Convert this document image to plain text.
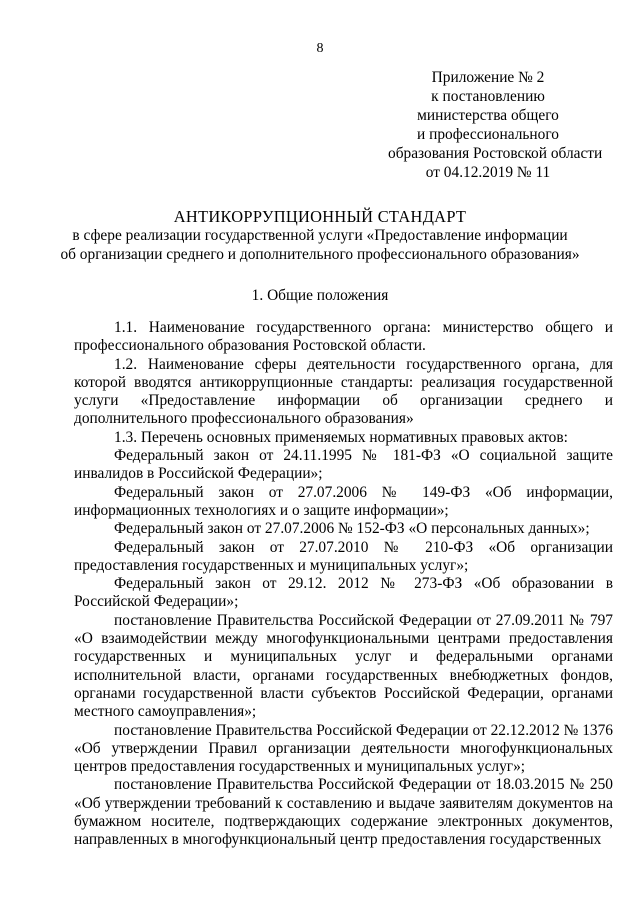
8
Приложение № 2
к постановлению
министерства общего
и профессионального
образования Ростовской области
от 04.12.2019 № 11
АНТИКОРРУПЦИОННЫЙ СТАНДАРТ
в сфере реализации государственной услуги «Предоставление информации
об организации среднего и дополнительного профессионального образования»
1. Общие положения

1.1. Наименование государственного органа: министерство общего и профессионального образования Ростовской области.

1.2. Наименование сферы деятельности государственного органа, для которой вводятся антикоррупционные стандарты: реализация государственной услуги «Предоставление информации об организации среднего и дополнительного профессионального образования»

1.3. Перечень основных применяемых нормативных правовых актов:

Федеральный закон от 24.11.1995 № 181-ФЗ «О социальной защите инвалидов в Российской Федерации»;

Федеральный закон от 27.07.2006 № 149-ФЗ «Об информации, информационных технологиях и о защите информации»;

Федеральный закон от 27.07.2006 № 152-ФЗ «О персональных данных»;

Федеральный закон от 27.07.2010 № 210-ФЗ «Об организации предоставления государственных и муниципальных услуг»;

Федеральный закон от 29.12. 2012 № 273-ФЗ «Об образовании в Российской Федерации»;

постановление Правительства Российской Федерации от 27.09.2011 № 797 «О взаимодействии между многофункциональными центрами предоставления государственных и муниципальных услуг и федеральными органами исполнительной власти, органами государственных внебюджетных фондов, органами государственной власти субъектов Российской Федерации, органами местного самоуправления»;

постановление Правительства Российской Федерации от 22.12.2012 № 1376 «Об утверждении Правил организации деятельности многофункциональных центров предоставления государственных и муниципальных услуг»;

постановление Правительства Российской Федерации от 18.03.2015 № 250 «Об утверждении требований к составлению и выдаче заявителям документов на бумажном носителе, подтверждающих содержание электронных документов, направленных в многофункциональный центр предоставления государственных
